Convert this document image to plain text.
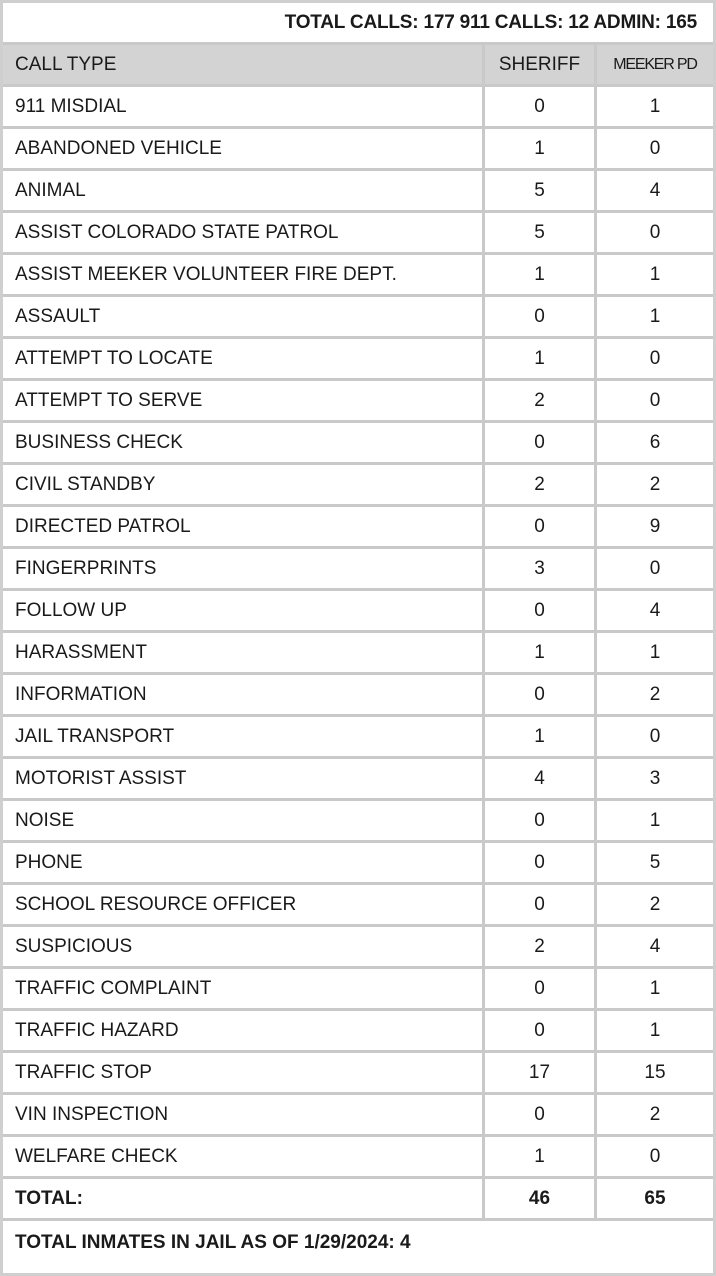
TOTAL CALLS: 177 911 CALLS: 12 ADMIN: 165
CALL TYPE	SHERIFF	MEEKER PD
911 MISDIAL	0	1
ABANDONED VEHICLE	1	0
ANIMAL	5	4
ASSIST COLORADO STATE PATROL	5	0
ASSIST MEEKER VOLUNTEER FIRE DEPT.	1	1
ASSAULT	0	1
ATTEMPT TO LOCATE	1	0
ATTEMPT TO SERVE	2	0
BUSINESS CHECK	0	6
CIVIL STANDBY	2	2
DIRECTED PATROL	0	9
FINGERPRINTS	3	0
FOLLOW UP	0	4
HARASSMENT	1	1
INFORMATION	0	2
JAIL TRANSPORT	1	0
MOTORIST ASSIST	4	3
NOISE	0	1
PHONE	0	5
SCHOOL RESOURCE OFFICER	0	2
SUSPICIOUS	2	4
TRAFFIC COMPLAINT	0	1
TRAFFIC HAZARD	0	1
TRAFFIC STOP	17	15
VIN INSPECTION	0	2
WELFARE CHECK	1	0
TOTAL:	46	65
TOTAL INMATES IN JAIL AS OF 1/29/2024: 4
